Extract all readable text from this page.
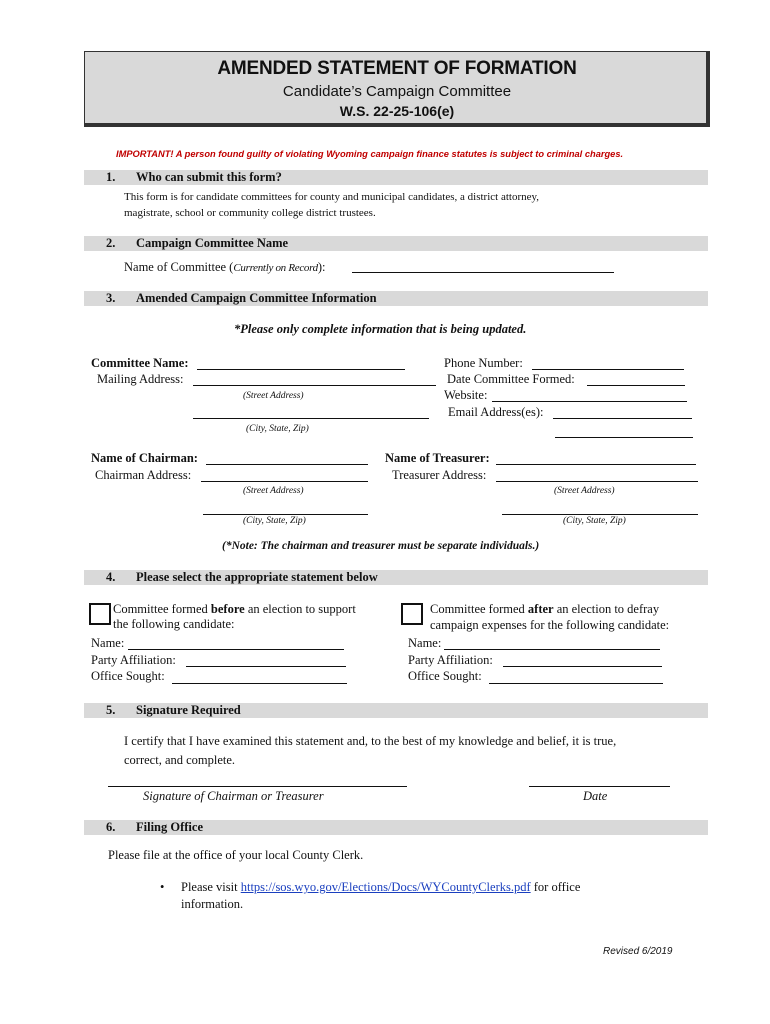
AMENDED STATEMENT OF FORMATION
Candidate’s Campaign Committee
W.S. 22-25-106(e)
IMPORTANT! A person found guilty of violating Wyoming campaign finance statutes is subject to criminal charges.
1. Who can submit this form?
This form is for candidate committees for county and municipal candidates, a district attorney,
magistrate, school or community college district trustees.
2. Campaign Committee Name
Name of Committee (Currently on Record):
3. Amended Campaign Committee Information
*Please only complete information that is being updated.
Committee Name:
Mailing Address:
(Street Address)
(City, State, Zip)
Phone Number:
Date Committee Formed:
Website:
Email Address(es):
Name of Chairman:
Chairman Address:
(Street Address)
(City, State, Zip)
Name of Treasurer:
Treasurer Address:
(Street Address)
(City, State, Zip)
(*Note: The chairman and treasurer must be separate individuals.)
4. Please select the appropriate statement below
Committee formed before an election to support
the following candidate:
Committee formed after an election to defray
campaign expenses for the following candidate:
Name:
Party Affiliation:
Office Sought:
Name:
Party Affiliation:
Office Sought:
5. Signature Required
I certify that I have examined this statement and, to the best of my knowledge and belief, it is true,
correct, and complete.
Signature of Chairman or Treasurer	Date
6. Filing Office
Please file at the office of your local County Clerk.
• Please visit https://sos.wyo.gov/Elections/Docs/WYCountyClerks.pdf for office
information.
Revised 6/2019
